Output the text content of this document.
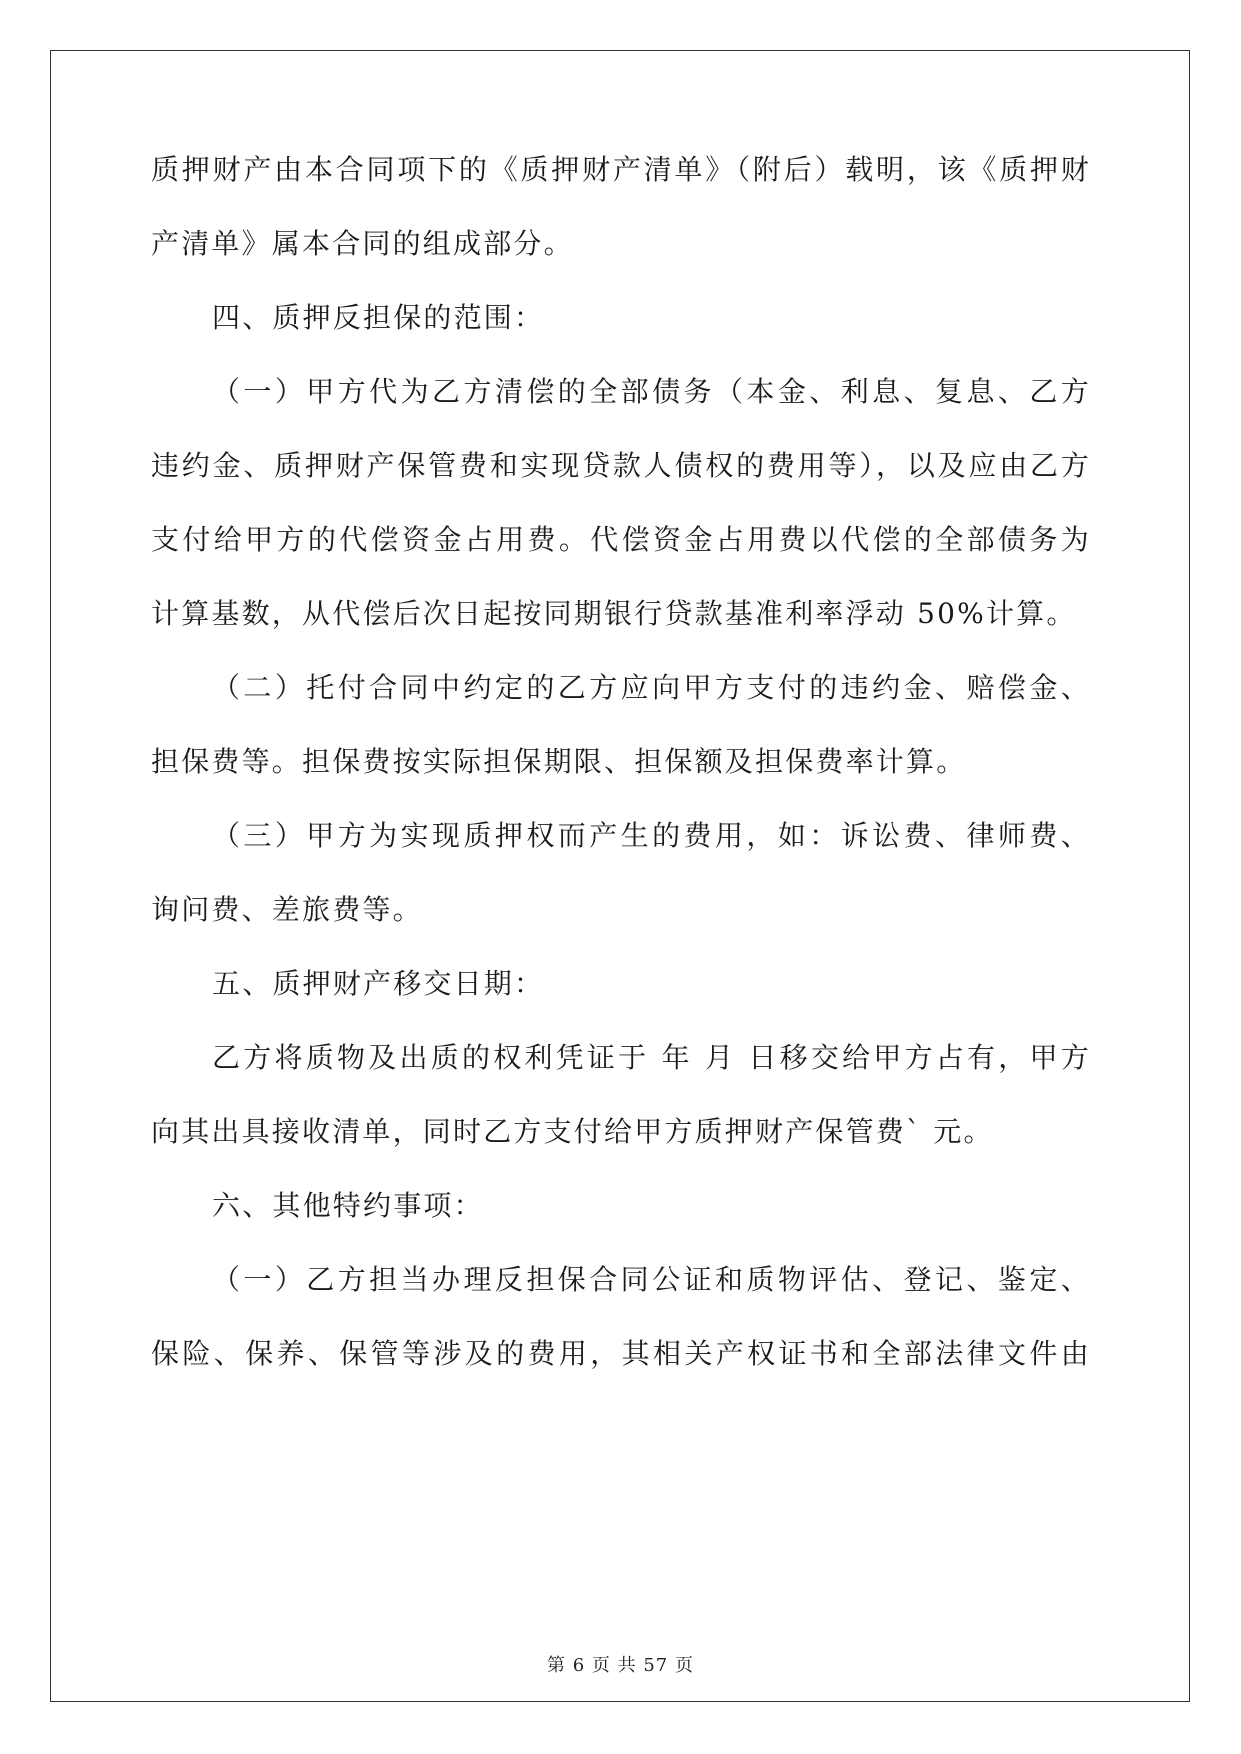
质押财产由本合同项下的《质押财产清单》（附后）载明，该《质押财
产清单》属本合同的组成部分。
四、质押反担保的范围：
（一）甲方代为乙方清偿的全部债务（本金、利息、复息、乙方
违约金、质押财产保管费和实现贷款人债权的费用等），以及应由乙方
支付给甲方的代偿资金占用费。代偿资金占用费以代偿的全部债务为
计算基数，从代偿后次日起按同期银行贷款基准利率浮动 50%计算。
（二）托付合同中约定的乙方应向甲方支付的违约金、赔偿金、
担保费等。担保费按实际担保期限、担保额及担保费率计算。
（三）甲方为实现质押权而产生的费用，如：诉讼费、律师费、
询问费、差旅费等。
五、质押财产移交日期：
乙方将质物及出质的权利凭证于 年 月 日移交给甲方占有，甲方
向其出具接收清单，同时乙方支付给甲方质押财产保管费` 元。
六、其他特约事项：
（一）乙方担当办理反担保合同公证和质物评估、登记、鉴定、
保险、保养、保管等涉及的费用，其相关产权证书和全部法律文件由
第 6 页 共 57 页
